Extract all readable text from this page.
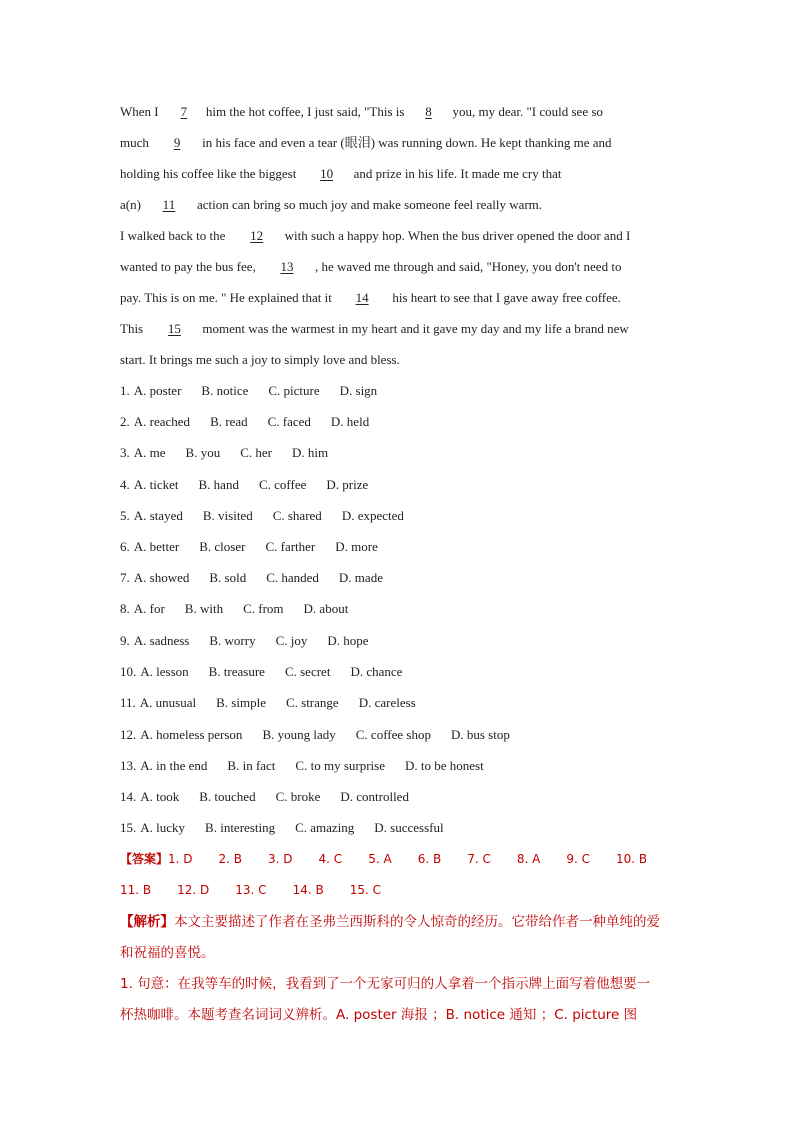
When I 7 him the hot coffee, I just said, "This is 8 you, my dear. "I could see so
much 9 in his face and even a tear (眼泪) was running down. He kept thanking me and
holding his coffee like the biggest 10 and prize in his life. It made me cry that
a(n) 11 action can bring so much joy and make someone feel really warm.
I walked back to the 12 with such a happy hop. When the bus driver opened the door and I
wanted to pay the bus fee, 13 , he waved me through and said, "Honey, you don't need to
pay. This is on me. " He explained that it 14 his heart to see that I gave away free coffee.
This 15 moment was the warmest in my heart and it gave my day and my life a brand new
start. It brings me such a joy to simply love and bless.
1. A. poster B. notice C. picture D. sign
2. A. reached B. read C. faced D. held
3. A. me B. you C. her D. him
4. A. ticket B. hand C. coffee D. prize
5. A. stayed B. visited C. shared D. expected
6. A. better B. closer C. farther D. more
7. A. showed B. sold C. handed D. made
8. A. for B. with C. from D. about
9. A. sadness B. worry C. joy D. hope
10. A. lesson B. treasure C. secret D. chance
11. A. unusual B. simple C. strange D. careless
12. A. homeless person B. young lady C. coffee shop D. bus stop
13. A. in the end B. in fact C. to my surprise D. to be honest
14. A. took B. touched C. broke D. controlled
15. A. lucky B. interesting C. amazing D. successful
【答案】1. D 2. B 3. D 4. C 5. A 6. B 7. C 8. A 9. C 10. B
11. B 12. D 13. C 14. B 15. C
【解析】本文主要描述了作者在圣弗兰西斯科的令人惊奇的经历。它带给作者一种单纯的爱
和祝福的喜悦。
1. 句意：在我等车的时候，我看到了一个无家可归的人拿着一个指示牌上面写着他想要一
杯热咖啡。本题考查名词词义辨析。A. poster 海报 ；B. notice 通知 ；C. picture 图
